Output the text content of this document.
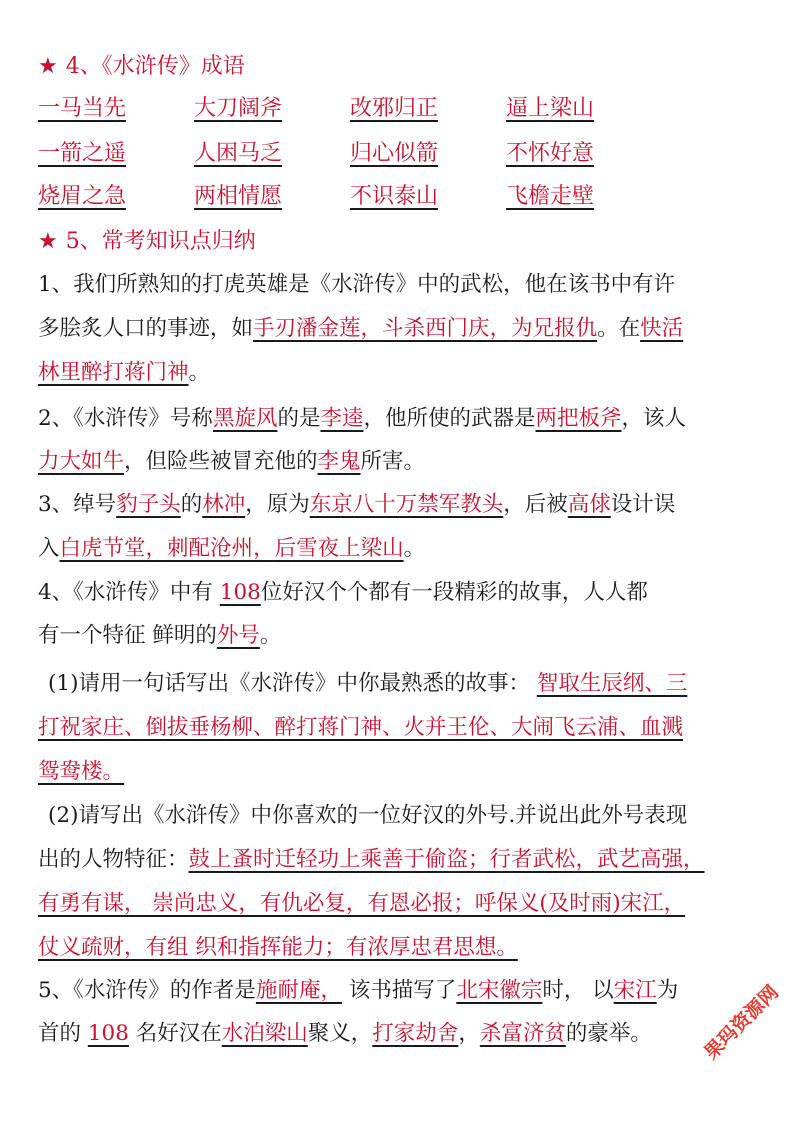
★ 4、《水浒传》成语
一马当先	大刀阔斧	改邪归正	逼上梁山
一箭之遥	人困马乏	归心似箭	不怀好意
烧眉之急	两相情愿	不识泰山	飞檐走壁
★ 5、常考知识点归纳
1、我们所熟知的打虎英雄是《水浒传》中的武松，他在该书中有许
多脍炙人口的事迹，如手刃潘金莲，斗杀西门庆，为兄报仇。在快活
林里醉打蒋门神。
2、《水浒传》号称黑旋风的是李逵，他所使的武器是两把板斧，该人
力大如牛，但险些被冒充他的李鬼所害。
3、绰号豹子头的林冲，原为东京八十万禁军教头，后被高俅设计误
入白虎节堂，刺配沧州，后雪夜上梁山。
4、《水浒传》中有 108位好汉个个都有一段精彩的故事，人人都
有一个特征 鲜明的外号。
(1)请用一句话写出《水浒传》中你最熟悉的故事： 智取生辰纲、三
打祝家庄、倒拔垂杨柳、醉打蒋门神、火并王伦、大闹飞云浦、血溅
鸳鸯楼。
(2)请写出《水浒传》中你喜欢的一位好汉的外号.并说出此外号表现
出的人物特征：鼓上蚤时迁轻功上乘善于偷盗；行者武松，武艺高强，
有勇有谋， 崇尚忠义，有仇必复，有恩必报；呼保义(及时雨)宋江，
仗义疏财，有组 织和指挥能力；有浓厚忠君思想。
5、《水浒传》的作者是施耐庵， 该书描写了北宋徽宗时， 以宋江为
首的 108 名好汉在水泊梁山聚义，打家劫舍，杀富济贫的豪举。	果玛资源网
